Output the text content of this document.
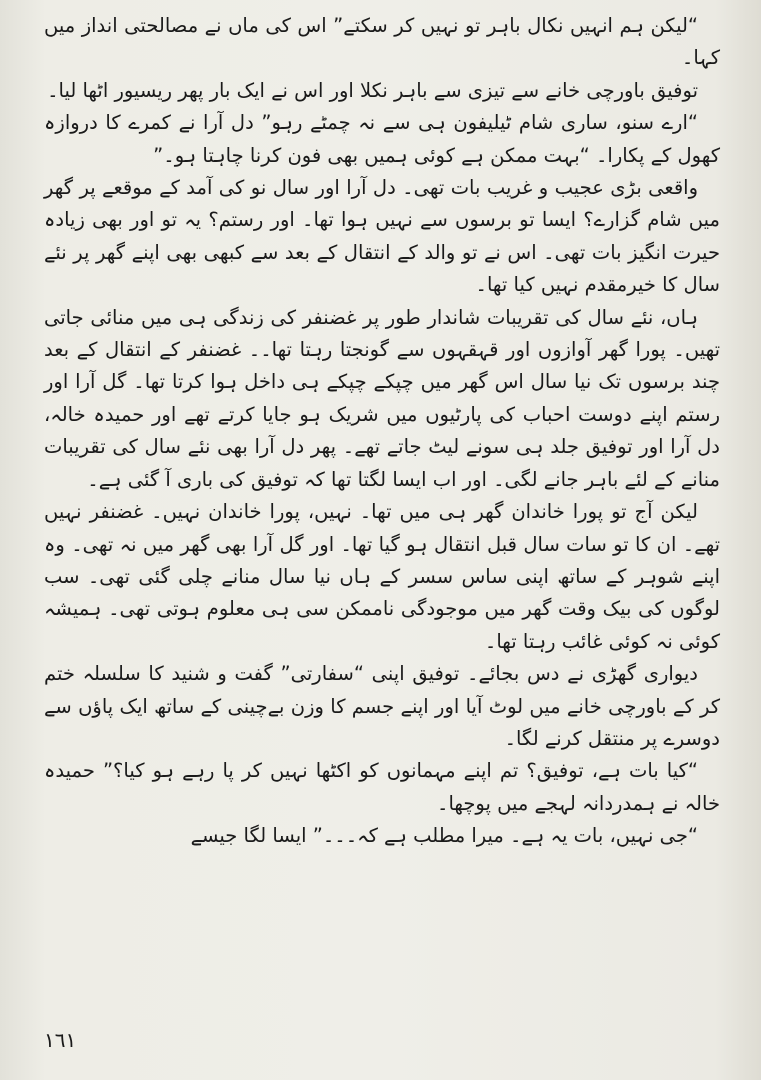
“لیکن ہم انہیں نکال باہر تو نہیں کر سکتے” اس کی ماں نے مصالحتی انداز میں کہا۔

توفیق باورچی خانے سے تیزی سے باہر نکلا اور اس نے ایک بار پھر ریسیور اٹھا لیا۔

“ارے سنو، ساری شام ٹیلیفون ہی سے نہ چمٹے رہو” دل آرا نے کمرے کا دروازہ کھول کے پکارا۔ “بہت ممکن ہے کوئی ہمیں بھی فون کرنا چاہتا ہو۔”

واقعی بڑی عجیب و غریب بات تھی۔ دل آرا اور سال نو کی آمد کے موقعے پر گھر میں شام گزارے؟ ایسا تو برسوں سے نہیں ہوا تھا۔ اور رستم؟ یہ تو اور بھی زیادہ حیرت انگیز بات تھی۔ اس نے تو والد کے انتقال کے بعد سے کبھی بھی اپنے گھر پر نئے سال کا خیرمقدم نہیں کیا تھا۔

ہاں، نئے سال کی تقریبات شاندار طور پر غضنفر کی زندگی ہی میں منائی جاتی تھیں۔ پورا گھر آوازوں اور قہقہوں سے گونجتا رہتا تھا۔۔ غضنفر کے انتقال کے بعد چند برسوں تک نیا سال اس گھر میں چپکے چپکے ہی داخل ہوا کرتا تھا۔ گل آرا اور رستم اپنے دوست احباب کی پارٹیوں میں شریک ہو جایا کرتے تھے اور حمیدہ خالہ، دل آرا اور توفیق جلد ہی سونے لیٹ جاتے تھے۔ پھر دل آرا بھی نئے سال کی تقریبات منانے کے لئے باہر جانے لگی۔ اور اب ایسا لگتا تھا کہ توفیق کی باری آ گئی ہے۔

لیکن آج تو پورا خاندان گھر ہی میں تھا۔ نہیں، پورا خاندان نہیں۔ غضنفر نہیں تھے۔ ان کا تو سات سال قبل انتقال ہو گیا تھا۔ اور گل آرا بھی گھر میں نہ تھی۔ وہ اپنے شوہر کے ساتھ اپنی ساس سسر کے ہاں نیا سال منانے چلی گئی تھی۔ سب لوگوں کی بیک وقت گھر میں موجودگی ناممکن سی ہی معلوم ہوتی تھی۔ ہمیشہ کوئی نہ کوئی غائب رہتا تھا۔

دیواری گھڑی نے دس بجائے۔ توفیق اپنی “سفارتی” گفت و شنید کا سلسلہ ختم کر کے باورچی خانے میں لوٹ آیا اور اپنے جسم کا وزن بےچینی کے ساتھ ایک پاؤں سے دوسرے پر منتقل کرنے لگا۔

“کیا بات ہے، توفیق؟ تم اپنے مہمانوں کو اکٹھا نہیں کر پا رہے ہو کیا؟” حمیدہ خالہ نے ہمدردانہ لہجے میں پوچھا۔

“جی نہیں، بات یہ ہے۔ میرا مطلب ہے کہ۔۔۔” ایسا لگا جیسے

١٦١
